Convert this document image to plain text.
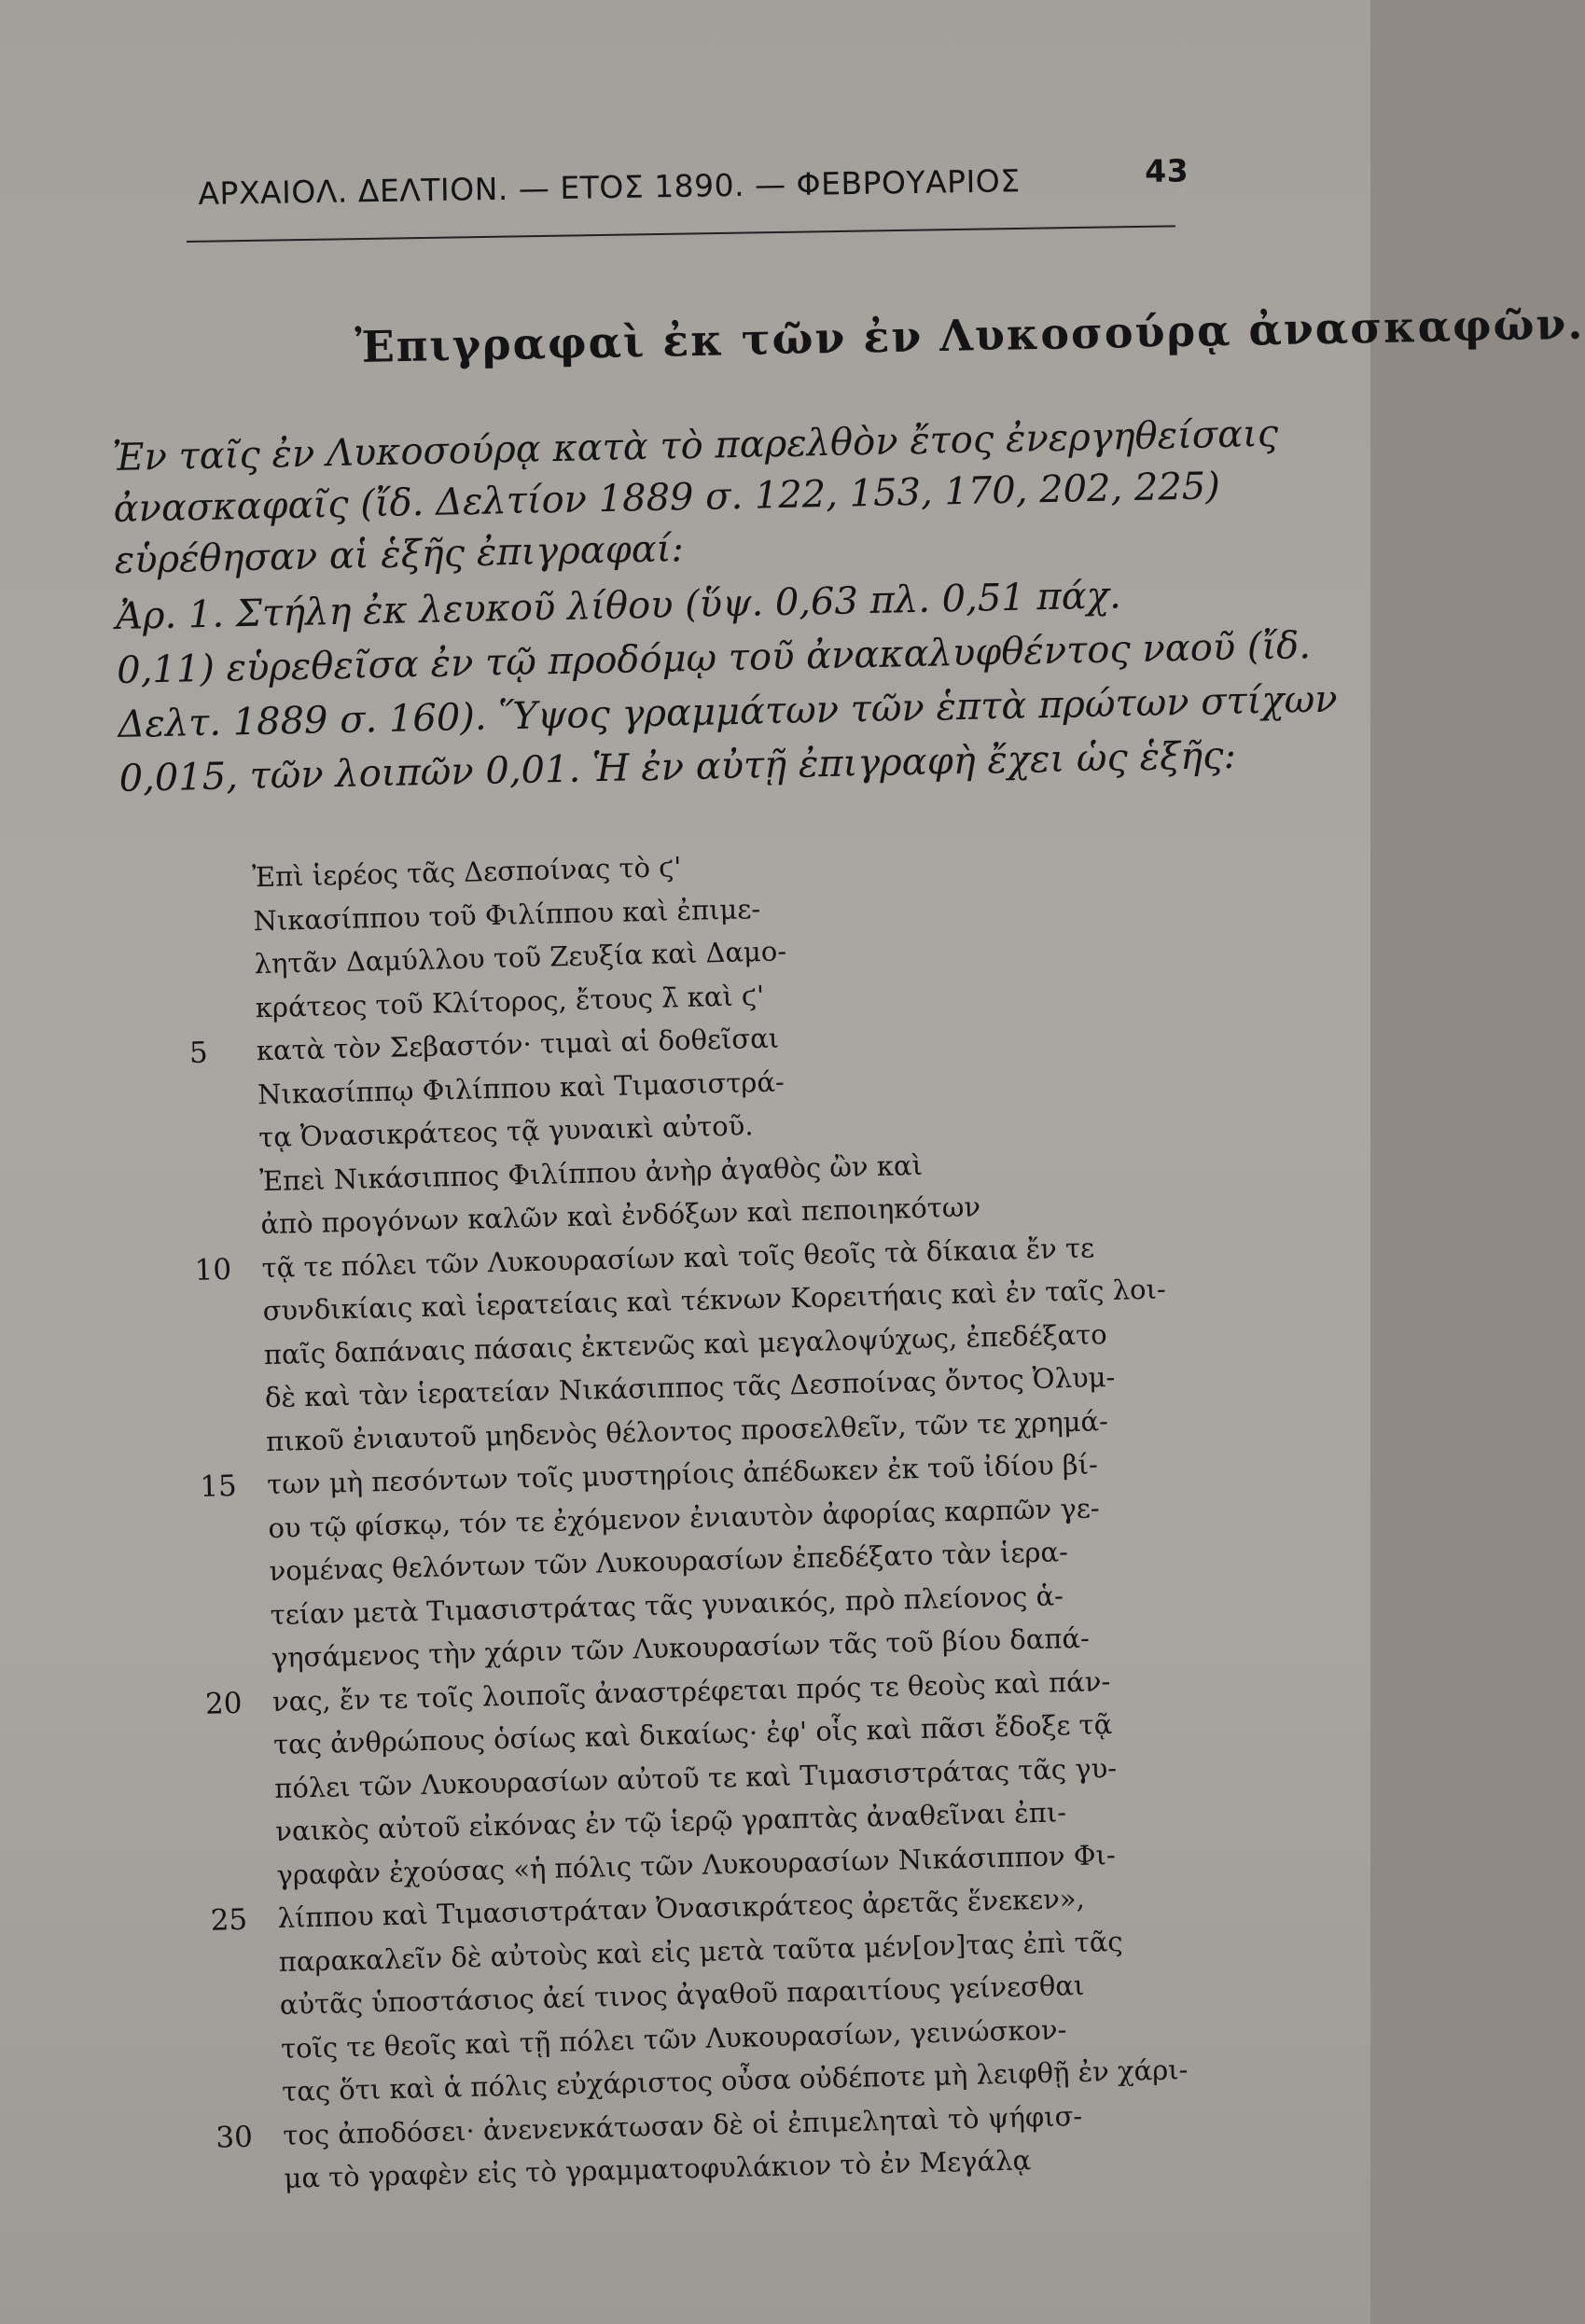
ΑΡΧΑΙΟΛ. ΔΕΛΤΙΟΝ. — ΕΤΟΣ 1890. — ΦΕΒΡΟΥΑΡΙΟΣ	43
Ἐπιγραφαὶ ἐκ τῶν ἐν Λυκοσούρᾳ ἀνασκαφῶν.
Ἐν ταῖς ἐν Λυκοσούρᾳ κατὰ τὸ παρελθὸν ἔτος ἐνεργηθείσαις
ἀνασκαφαῖς (ἴδ. Δελτίον 1889 σ. 122, 153, 170, 202, 225)
εὑρέθησαν αἱ ἑξῆς ἐπιγραφαί:
Ἀρ. 1. Στήλη ἐκ λευκοῦ λίθου (ὕψ. 0,63 πλ. 0,51 πάχ.
0,11) εὑρεθεῖσα ἐν τῷ προδόμῳ τοῦ ἀνακαλυφθέντος ναοῦ (ἴδ.
Δελτ. 1889 σ. 160). Ὕψος γραμμάτων τῶν ἑπτὰ πρώτων στίχων
0,015, τῶν λοιπῶν 0,01. Ἡ ἐν αὐτῇ ἐπιγραφὴ ἔχει ὡς ἑξῆς:
Ἐπὶ ἱερέος τᾶς Δεσποίνας τὸ ϛ'
Νικασίππου τοῦ Φιλίππου καὶ ἐπιμε-
λητᾶν Δαμύλλου τοῦ Ζευξία καὶ Δαμο-
κράτεος τοῦ Κλίτορος, ἔτους λ̄ καὶ ϛ'
5	κατὰ τὸν Σεβαστόν· τιμαὶ αἱ δοθεῖσαι
Νικασίππῳ Φιλίππου καὶ Τιμασιστρά-
τᾳ Ὀνασικράτεος τᾷ γυναικὶ αὐτοῦ.
Ἐπεὶ Νικάσιππος Φιλίππου ἀνὴρ ἀγαθὸς ὢν καὶ
ἀπὸ προγόνων καλῶν καὶ ἐνδόξων καὶ πεποιηκότων
10	τᾷ τε πόλει τῶν Λυκουρασίων καὶ τοῖς θεοῖς τὰ δίκαια ἔν τε
συνδικίαις καὶ ἱερατείαις καὶ τέκνων Κορειτήαις καὶ ἐν ταῖς λοι-
παῖς δαπάναις πάσαις ἐκτενῶς καὶ μεγαλοψύχως, ἐπεδέξατο
δὲ καὶ τὰν ἱερατείαν Νικάσιππος τᾶς Δεσποίνας ὄντος Ὀλυμ-
πικοῦ ἐνιαυτοῦ μηδενὸς θέλοντος προσελθεῖν, τῶν τε χρημά-
15	των μὴ πεσόντων τοῖς μυστηρίοις ἀπέδωκεν ἐκ τοῦ ἰδίου βί-
ου τῷ φίσκῳ, τόν τε ἐχόμενον ἐνιαυτὸν ἀφορίας καρπῶν γε-
νομένας θελόντων τῶν Λυκουρασίων ἐπεδέξατο τὰν ἱερα-
τείαν μετὰ Τιμασιστράτας τᾶς γυναικός, πρὸ πλείονος ἁ-
γησάμενος τὴν χάριν τῶν Λυκουρασίων τᾶς τοῦ βίου δαπά-
20	νας, ἔν τε τοῖς λοιποῖς ἀναστρέφεται πρός τε θεοὺς καὶ πάν-
τας ἀνθρώπους ὁσίως καὶ δικαίως· ἐφ' οἷς καὶ πᾶσι ἔδοξε τᾷ
πόλει τῶν Λυκουρασίων αὐτοῦ τε καὶ Τιμασιστράτας τᾶς γυ-
ναικὸς αὐτοῦ εἰκόνας ἐν τῷ ἱερῷ γραπτὰς ἀναθεῖναι ἐπι-
γραφὰν ἐχούσας «ἡ πόλις τῶν Λυκουρασίων Νικάσιππον Φι-
25	λίππου καὶ Τιμασιστράταν Ὀνασικράτεος ἀρετᾶς ἕνεκεν»,
παρακαλεῖν δὲ αὐτοὺς καὶ εἰς μετὰ ταῦτα μέν[ον]τας ἐπὶ τᾶς
αὐτᾶς ὑποστάσιος ἀεί τινος ἀγαθοῦ παραιτίους γείνεσθαι
τοῖς τε θεοῖς καὶ τῇ πόλει τῶν Λυκουρασίων, γεινώσκον-
τας ὅτι καὶ ἁ πόλις εὐχάριστος οὖσα οὐδέποτε μὴ λειφθῇ ἐν χάρι-
30	τος ἀποδόσει· ἀνενενκάτωσαν δὲ οἱ ἐπιμεληταὶ τὸ ψήφισ-
μα τὸ γραφὲν εἰς τὸ γραμματοφυλάκιον τὸ ἐν Μεγάλᾳ
